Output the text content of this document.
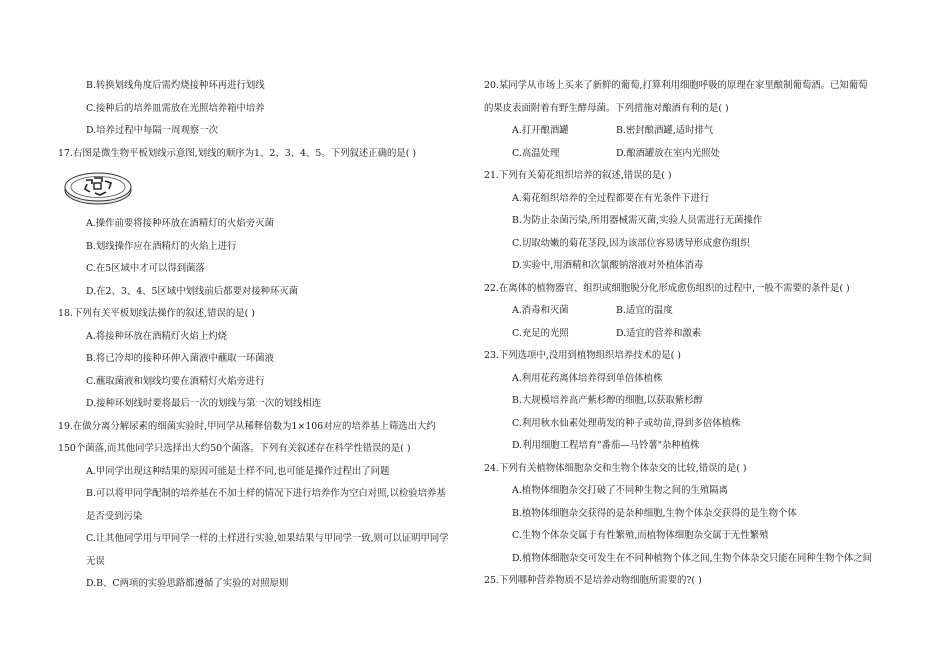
B.转换划线角度后需灼烧接种环再进行划线
C.接种后的培养皿需放在光照培养箱中培养
D.培养过程中每隔一周观察一次
17.右图是微生物平板划线示意图,划线的顺序为1、2、3、4、5。下列叙述正确的是( )
A.操作前要将接种环放在酒精灯的火焰旁灭菌
B.划线操作应在酒精灯的火焰上进行
C.在5区域中才可以得到菌落
D.在2、3、4、5区域中划线前后都要对接种环灭菌
18.下列有关平板划线法操作的叙述,错误的是( )
A.将接种环放在酒精灯火焰上灼烧
B.将已冷却的接种环伸入菌液中蘸取一环菌液
C.蘸取菌液和划线均要在酒精灯火焰旁进行
D.接种环划线时要将最后一次的划线与第一次的划线相连
19.在做分离分解尿素的细菌实验时,甲同学从稀释倍数为1×106对应的培养基上筛选出大约
150个菌落,而其他同学只选择出大约50个菌落。下列有关叙述存在科学性错误的是( )
A.甲同学出现这种结果的原因可能是土样不同,也可能是操作过程出了问题
B.可以将甲同学配制的培养基在不加土样的情况下进行培养作为空白对照,以检验培养基
是否受到污染
C.让其他同学用与甲同学一样的土样进行实验,如果结果与甲同学一致,则可以证明甲同学
无误
D.B、C两项的实验思路都遵循了实验的对照原则
20.某同学从市场上买来了新鲜的葡萄,打算利用细胞呼吸的原理在家里酿制葡萄酒。已知葡萄
的果皮表面附着有野生酵母菌。下列措施对酿酒有利的是( )
A.打开酿酒罐	B.密封酿酒罐,适时排气
C.高温处理	D.酿酒罐放在室内光照处
21.下列有关菊花组织培养的叙述,错误的是( )
A.菊花组织培养的全过程都要在有光条件下进行
B.为防止杂菌污染,所用器械需灭菌,实验人员需进行无菌操作
C.切取幼嫩的菊花茎段,因为该部位容易诱导形成愈伤组织
D.实验中,用酒精和次氯酸钠溶液对外植体消毒
22.在离体的植物器官、组织或细胞脱分化形成愈伤组织的过程中,一般不需要的条件是( )
A.消毒和灭菌	B.适宜的温度
C.充足的光照	D.适宜的营养和激素
23.下列选项中,没用到植物组织培养技术的是( )
A.利用花药离体培养得到单倍体植株
B.大规模培养高产紫杉醇的细胞,以获取紫杉醇
C.利用秋水仙素处理萌发的种子或幼苗,得到多倍体植株
D.利用细胞工程培育"番茄—马铃薯"杂种植株
24.下列有关植物体细胞杂交和生物个体杂交的比较,错误的是( )
A.植物体细胞杂交打破了不同种生物之间的生殖隔离
B.植物体细胞杂交获得的是杂种细胞,生物个体杂交获得的是生物个体
C.生物个体杂交属于有性繁殖,而植物体细胞杂交属于无性繁殖
D.植物体细胞杂交可发生在不同种植物个体之间,生物个体杂交只能在同种生物个体之间
25.下列哪种营养物质不是培养动物细胞所需要的?( )
